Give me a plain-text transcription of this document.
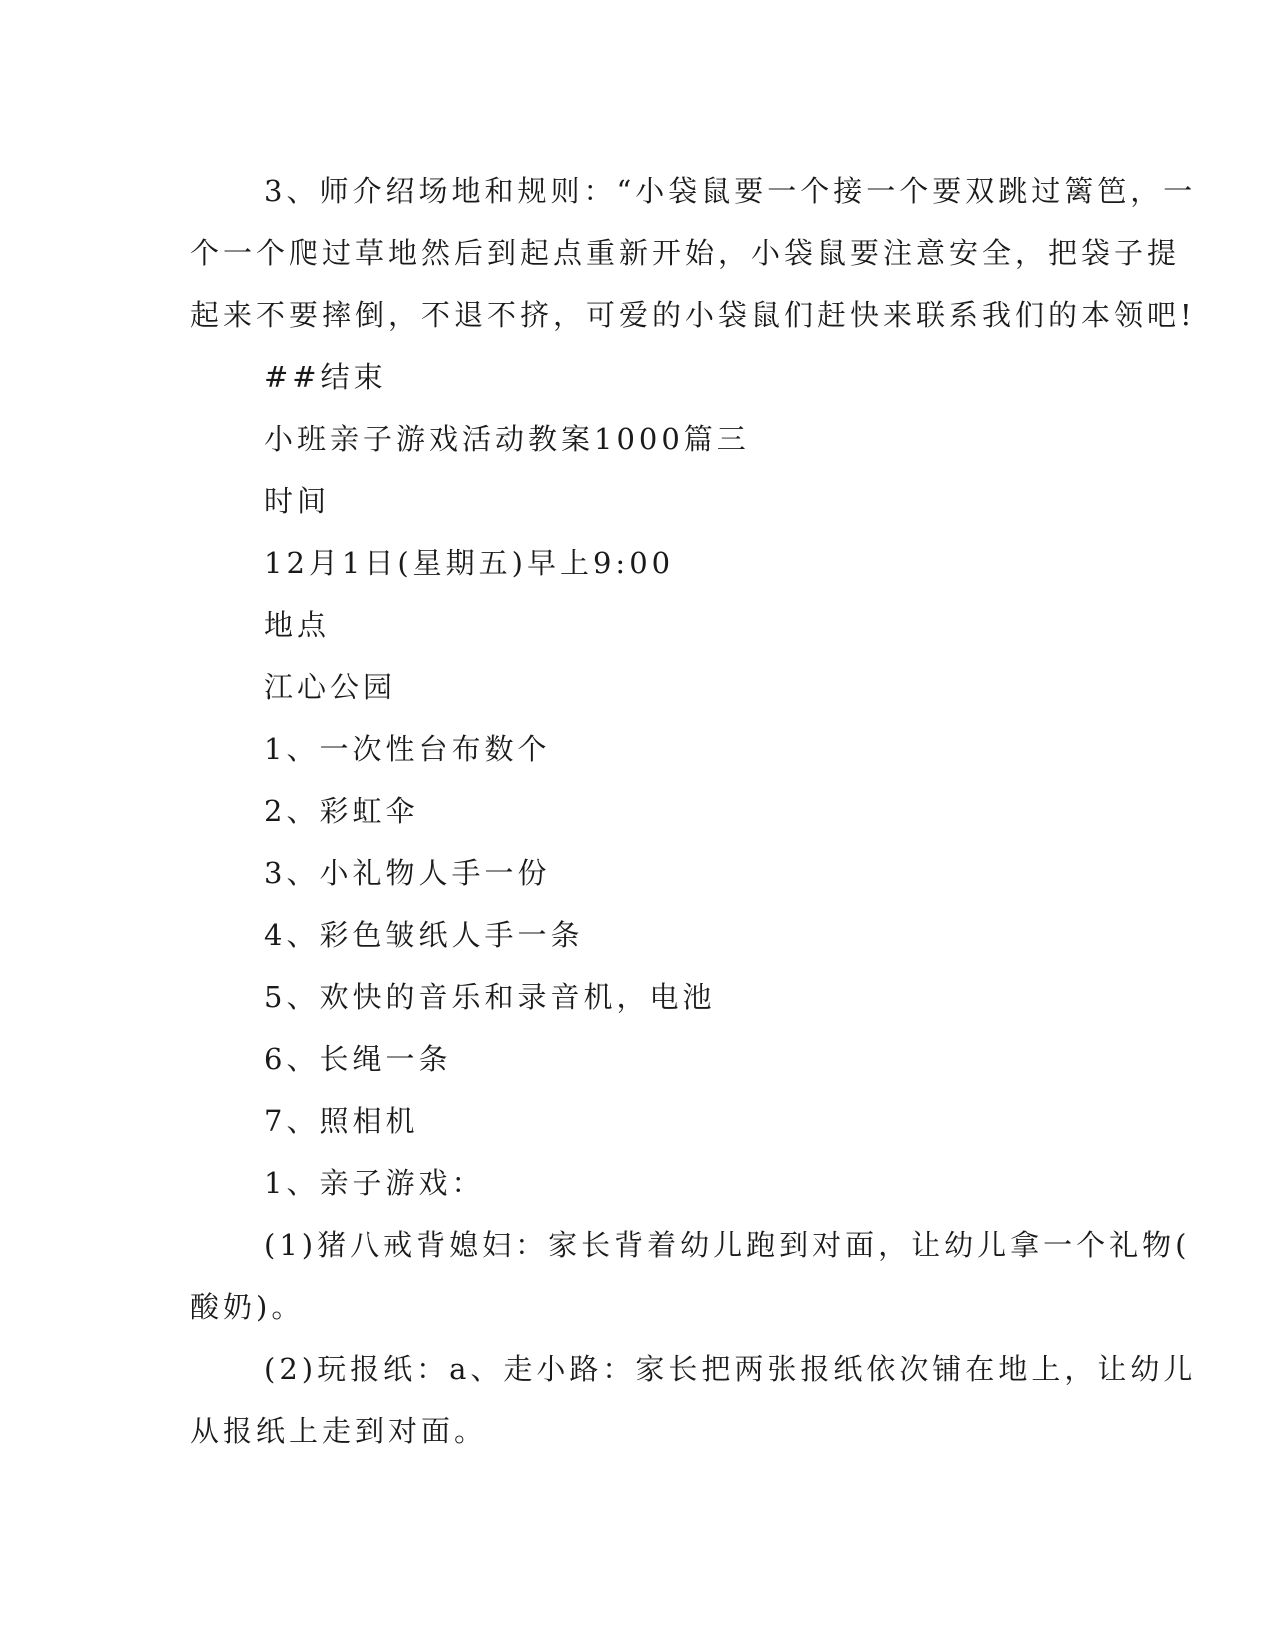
3、师介绍场地和规则：“小袋鼠要一个接一个要双跳过篱笆，一
个一个爬过草地然后到起点重新开始，小袋鼠要注意安全，把袋子提
起来不要摔倒，不退不挤，可爱的小袋鼠们赶快来联系我们的本领吧!
##结束
小班亲子游戏活动教案1000篇三
时间
12月1日(星期五)早上9:00
地点
江心公园
1、一次性台布数个
2、彩虹伞
3、小礼物人手一份
4、彩色皱纸人手一条
5、欢快的音乐和录音机，电池
6、长绳一条
7、照相机
1、亲子游戏：
(1)猪八戒背媳妇：家长背着幼儿跑到对面，让幼儿拿一个礼物(
酸奶)。
(2)玩报纸：a、走小路：家长把两张报纸依次铺在地上，让幼儿
从报纸上走到对面。
